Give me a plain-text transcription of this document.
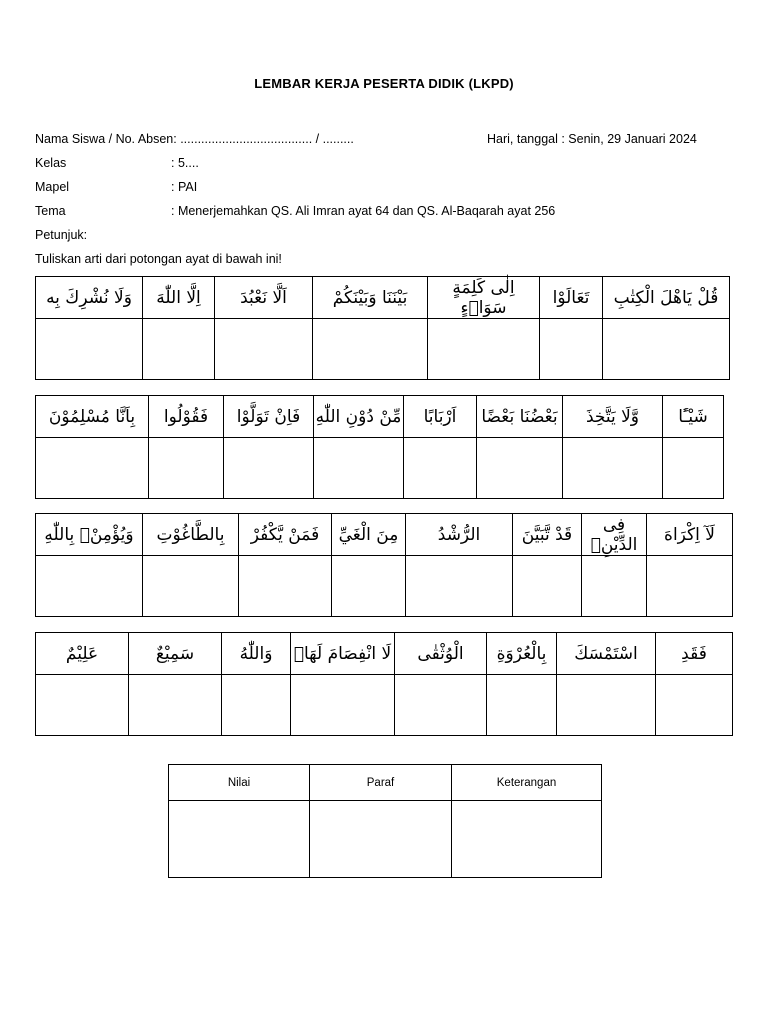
LEMBAR KERJA PESERTA DIDIK (LKPD)
Nama Siswa / No. Absen: ...................................... / .........	Hari, tanggal : Senin, 29 Januari 2024
Kelas	: 5....
Mapel	: PAI
Tema	: Menerjemahkan QS. Ali Imran ayat 64 dan QS. Al-Baqarah ayat 256
Petunjuk:
Tuliskan arti dari potongan ayat di bawah ini!
وَلَا نُشْرِكَ بِه	اِلَّا اللّٰهَ	اَلَّا نَعْبُدَ	بَيْنَنَا وَبَيْنَكُمْ	اِلٰى كَلِمَةٍ سَوَاۤءٍ	تَعَالَوْا	قُلْ يَاهْلَ الْكِتٰبِ

بِاَنَّا مُسْلِمُوْنَ	فَقُوْلُوا	فَاِنْ تَوَلَّوْا	مِّنْ دُوْنِ اللّٰهِ	اَرْبَابًا	بَعْضُنَا بَعْضًا	وَّلَا يَتَّخِذَ	شَيْـًٔا

وَيُؤْمِنْۢ بِاللّٰهِ	بِالطَّاغُوْتِ	فَمَنْ يَّكْفُرْ	مِنَ الْغَيِّ	الرُّشْدُ	قَدْ تَّبَيَّنَ	فِى الدِّيْنِۗ	لَآ اِكْرَاهَ

عَلِيْمٌ	سَمِيْعٌ	وَاللّٰهُ	لَا انْفِصَامَ لَهَاۗ	الْوُثْقٰى	بِالْعُرْوَةِ	اسْتَمْسَكَ	فَقَدِ

Nilai	Paraf	Keterangan
